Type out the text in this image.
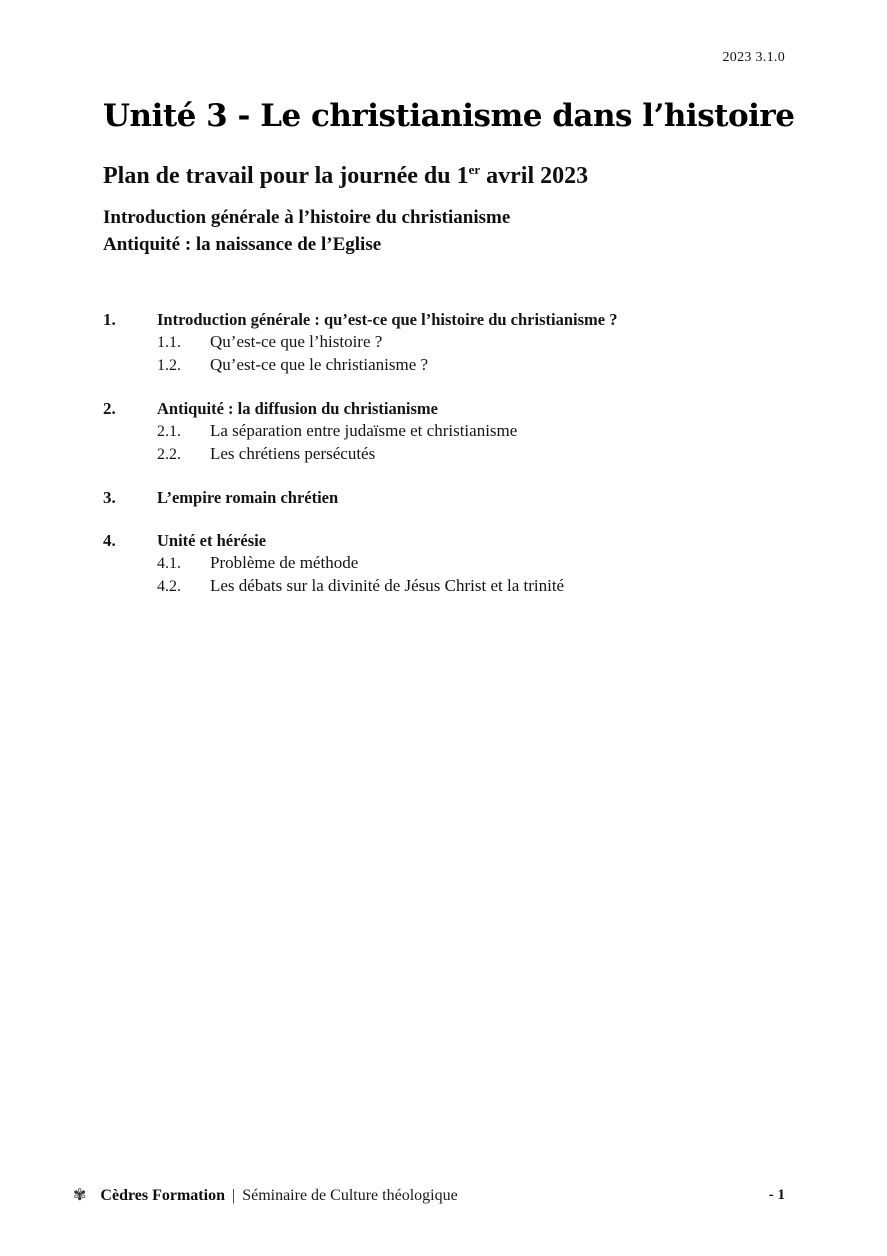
2023 3.1.0
Unité 3 - Le christianisme dans l’histoire
Plan de travail pour la journée du 1er avril 2023
Introduction générale à l’histoire du christianisme
Antiquité : la naissance de l’Eglise
1.	Introduction générale : qu’est-ce que l’histoire du christianisme ?
1.1.	Qu’est-ce que l’histoire ?
1.2.	Qu’est-ce que le christianisme ?
2.	Antiquité : la diffusion du christianisme
2.1.	La séparation entre judaïsme et christianisme
2.2.	Les chrétiens persécutés
3.	L’empire romain chrétien
4.	Unité et hérésie
4.1.	Problème de méthode
4.2.	Les débats sur la divinité de Jésus Christ et la trinité
✾ Cèdres Formation | Séminaire de Culture théologique	- 1
